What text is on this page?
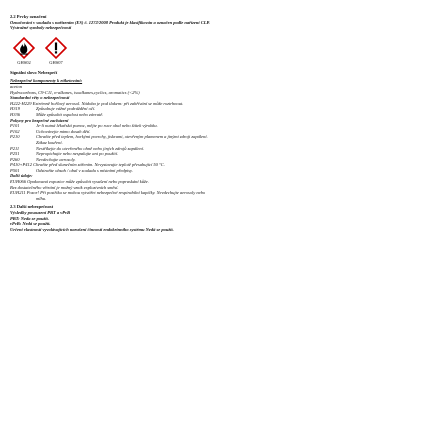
2.2 Prvky označení
Označování v souladu s nařízením (ES) č. 1272/2008 Produkt je klasifikován a označen podle nařízení CLP.
Výstražné symboly nebezpečnosti
GHS02	GHS07
Signální slovo Nebezpečí
Nebezpečné komponenty k etiketování:
aceton
Hydrocarbons, C9-C11, n-alkanes, isoalkanes,cyclics, aromatics (<2%)
Standardní věty o nebezpečnosti
H222-H229 Extrémně hořlavý aerosol. Nádoba je pod tlakem: při zahřívání se může roztrhnout.
H319	Způsobuje vážné podráždění očí.
H336	Může způsobit ospalost nebo závratě.
Pokyny pro bezpečné zacházení
P101	Je-li nutná lékařská pomoc, mějte po ruce obal nebo štítek výrobku.
P102	Uchovávejte mimo dosah dětí.
P210	Chraňte před teplem, horkými povrchy, jiskrami, otevřeným plamenem a jinými zdroji zapálení.
Zákaz kouření.
P211	Nestříkejte do otevřeného ohně nebo jiných zdrojů zapálení.
P251	Nepropichujte nebo nespalujte ani po použití.
P260	Nevdechujte aerosoly.
P410+P412 Chraňte před slunečním zářením. Nevystavujte teplotě přesahující 50 °C.
P501	Odstraňte obsah / obal v souladu s místními předpisy.
Další údaje:
EUH066 Opakovaná expozice může způsobit vysušení nebo popraskání kůže.
Bez dostatečného větrání je možný vznik explozivních směsí.
EUH211 Pozor! Při postřiku se mohou vytvářet nebezpečné respirabilní kapičky. Nevdechujte aerosoly nebo
mlhu.
2.3 Další nebezpečnost
Výsledky posouzení PBT a vPvB
PBT: Neda se použít.
vPvB: Nedá se použít.
Určení vlastností vyvolávajících narušení činnosti endokrinního systému Nedá se použít.
